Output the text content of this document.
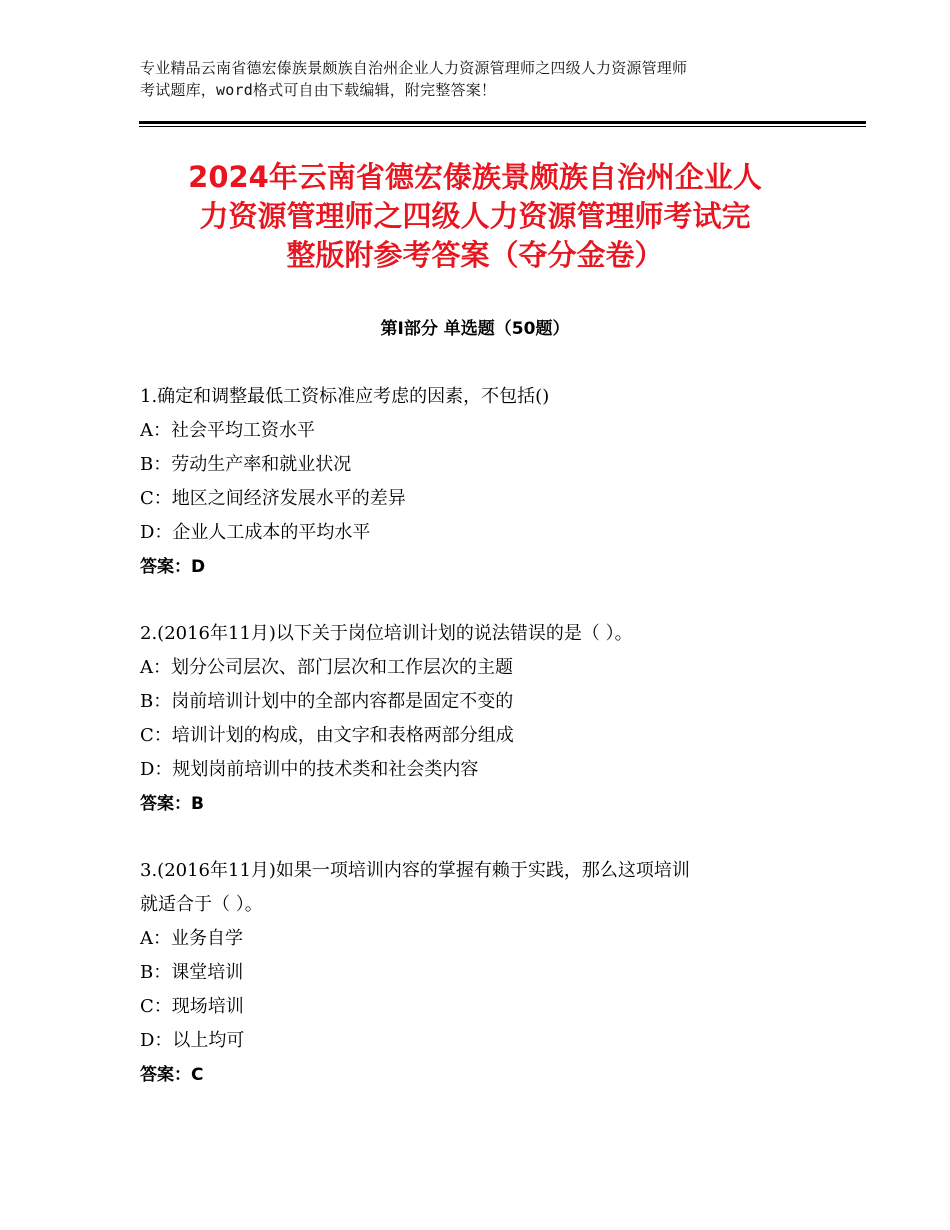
专业精品云南省德宏傣族景颇族自治州企业人力资源管理师之四级人力资源管理师
考试题库，word格式可自由下载编辑，附完整答案！
2024年云南省德宏傣族景颇族自治州企业人
力资源管理师之四级人力资源管理师考试完
整版附参考答案（夺分金卷）
第Ⅰ部分 单选题（50题）
1.确定和调整最低工资标准应考虑的因素，不包括()
A：社会平均工资水平
B：劳动生产率和就业状况
C：地区之间经济发展水平的差异
D：企业人工成本的平均水平
答案：D
2.(2016年11月)以下关于岗位培训计划的说法错误的是（ ）。
A：划分公司层次、部门层次和工作层次的主题
B：岗前培训计划中的全部内容都是固定不变的
C：培训计划的构成，由文字和表格两部分组成
D：规划岗前培训中的技术类和社会类内容
答案：B
3.(2016年11月)如果一项培训内容的掌握有赖于实践，那么这项培训
就适合于（ ）。
A：业务自学
B：课堂培训
C：现场培训
D：以上均可
答案：C
